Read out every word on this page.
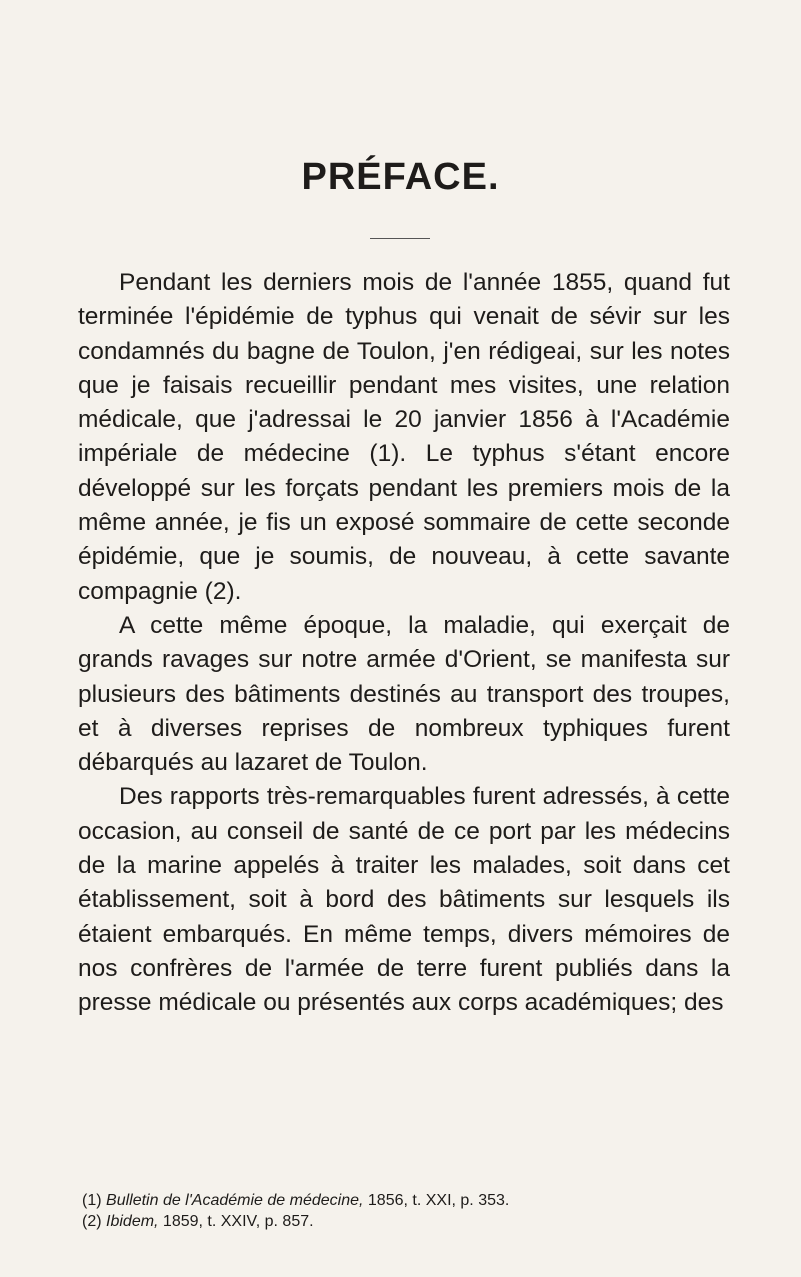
PRÉFACE.

Pendant les derniers mois de l'année 1855, quand fut terminée l'épidémie de typhus qui venait de sévir sur les condamnés du bagne de Toulon, j'en rédigeai, sur les notes que je faisais recueillir pendant mes visites, une relation médicale, que j'adressai le 20 janvier 1856 à l'Académie impériale de médecine (1). Le typhus s'étant encore développé sur les forçats pendant les premiers mois de la même année, je fis un exposé sommaire de cette seconde épidémie, que je soumis, de nouveau, à cette savante compagnie (2).

A cette même époque, la maladie, qui exerçait de grands ravages sur notre armée d'Orient, se manifesta sur plusieurs des bâtiments destinés au transport des troupes, et à diverses reprises de nombreux typhiques furent débarqués au lazaret de Toulon.

Des rapports très-remarquables furent adressés, à cette occasion, au conseil de santé de ce port par les médecins de la marine appelés à traiter les malades, soit dans cet établissement, soit à bord des bâtiments sur lesquels ils étaient embarqués. En même temps, divers mémoires de nos confrères de l'armée de terre furent publiés dans la presse médicale ou présentés aux corps académiques; des

(1) Bulletin de l'Académie de médecine, 1856, t. XXI, p. 353.
(2) Ibidem, 1859, t. XXIV, p. 857.
